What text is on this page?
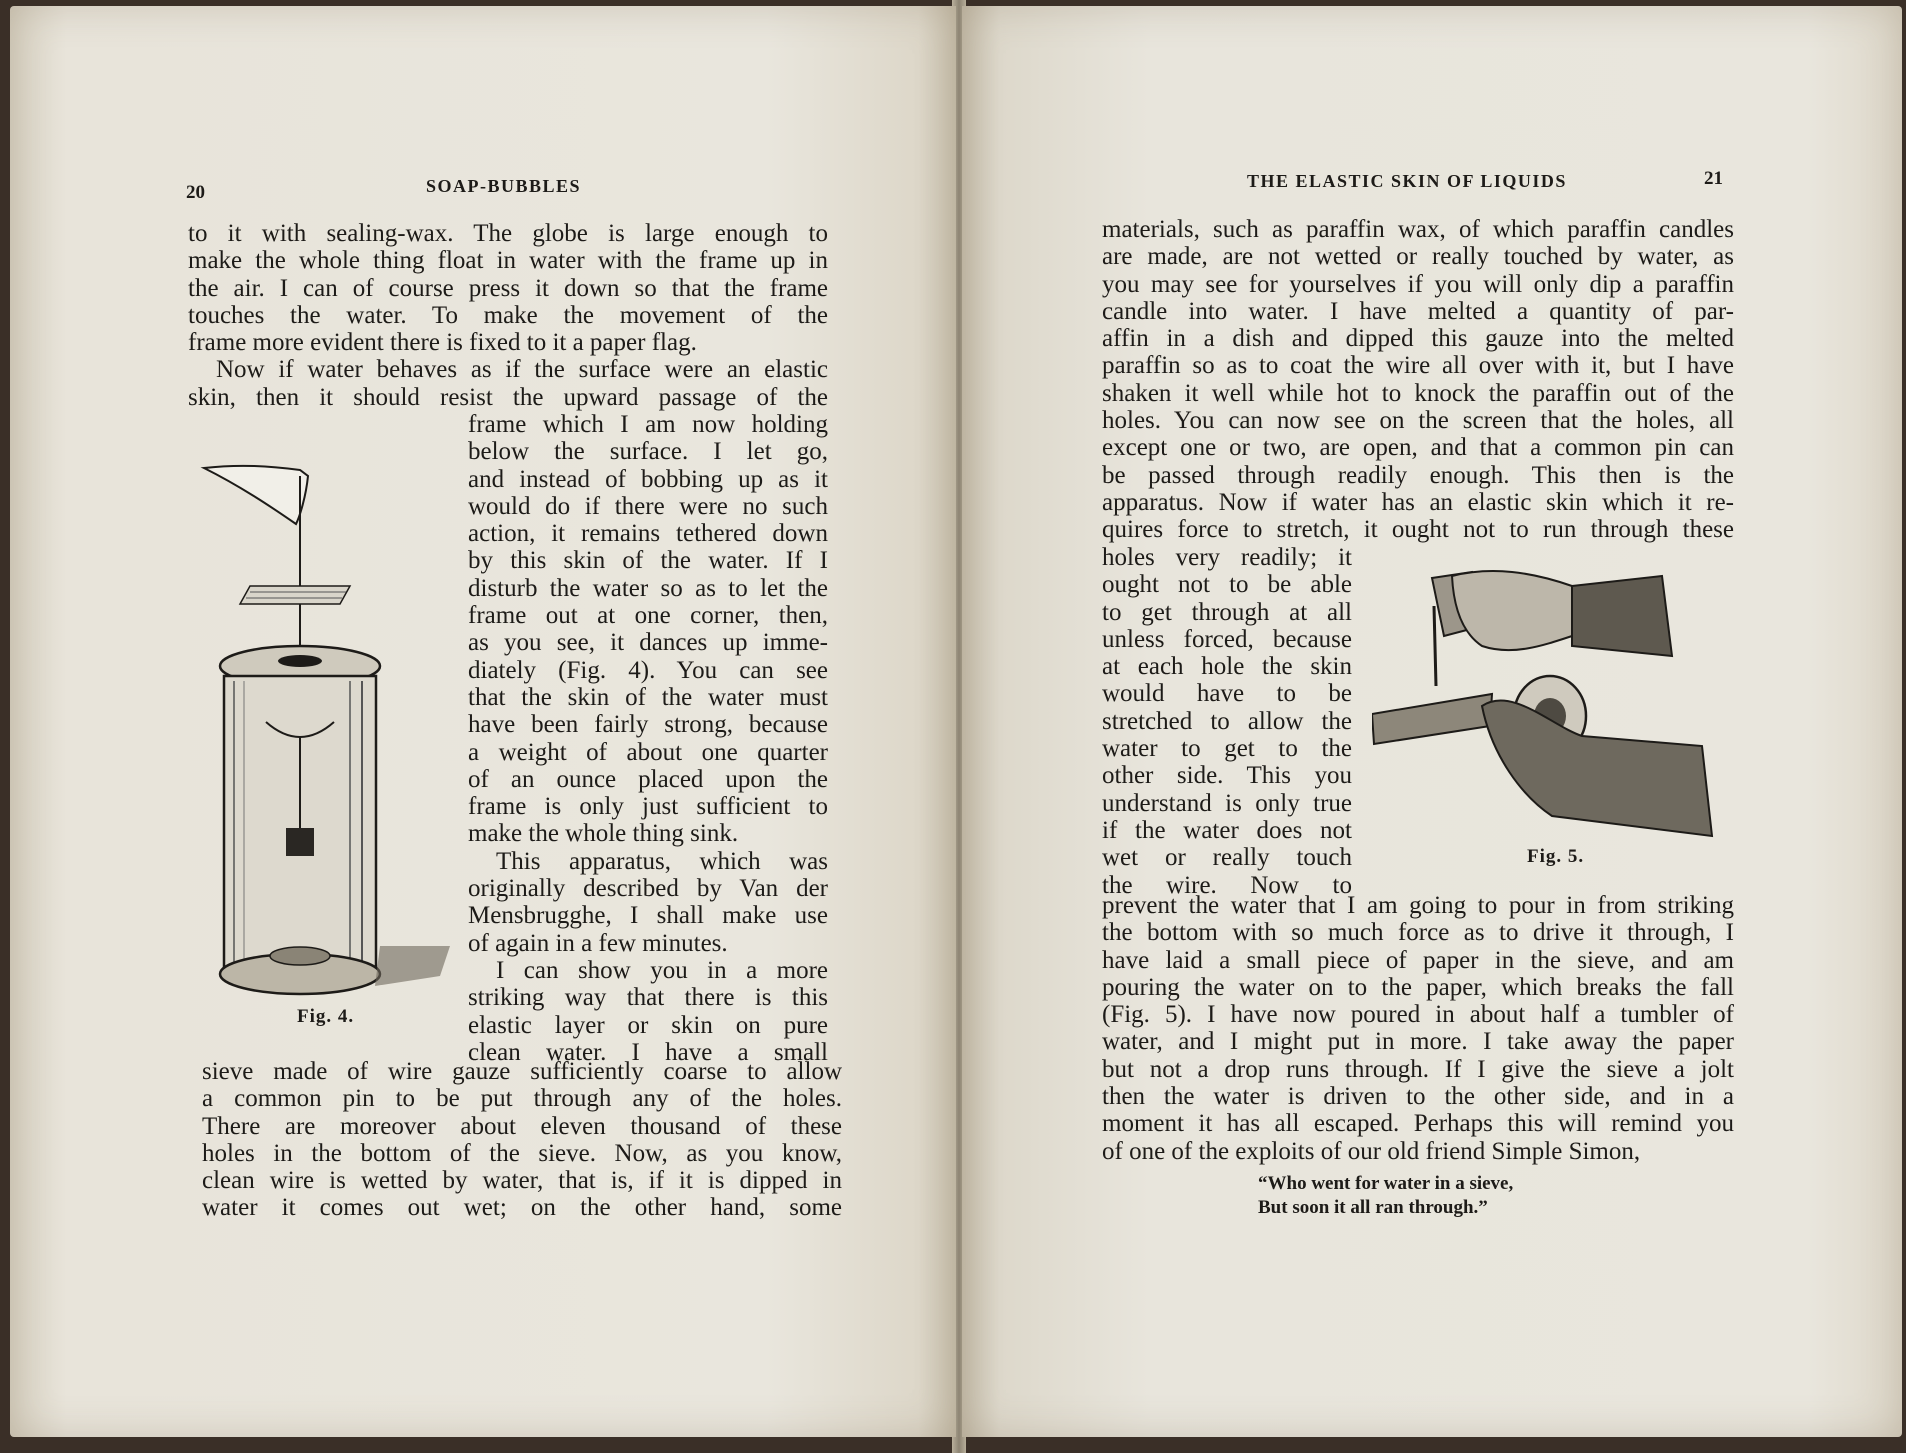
20	SOAP-BUBBLES
to it with sealing-wax. The globe is large enough to
make the whole thing float in water with the frame up in
the air. I can of course press it down so that the frame
touches the water. To make the movement of the
frame more evident there is fixed to it a paper flag.
Now if water behaves as if the surface were an elastic
skin, then it should resist the upward passage of the
frame which I am now holding
below the surface. I let go,
and instead of bobbing up as it
would do if there were no such
action, it remains tethered down
by this skin of the water. If I
disturb the water so as to let the
frame out at one corner, then,
as you see, it dances up imme-
diately (Fig. 4). You can see
that the skin of the water must
have been fairly strong, because
a weight of about one quarter
of an ounce placed upon the
frame is only just sufficient to
make the whole thing sink.
This apparatus, which was
originally described by Van der
Mensbrugghe, I shall make use
of again in a few minutes.
I can show you in a more
striking way that there is this
elastic layer or skin on pure
clean water. I have a small
Fig. 4.
sieve made of wire gauze sufficiently coarse to allow
a common pin to be put through any of the holes.
There are moreover about eleven thousand of these
holes in the bottom of the sieve. Now, as you know,
clean wire is wetted by water, that is, if it is dipped in
water it comes out wet; on the other hand, some
THE ELASTIC SKIN OF LIQUIDS	21
materials, such as paraffin wax, of which paraffin candles
are made, are not wetted or really touched by water, as
you may see for yourselves if you will only dip a paraffin
candle into water. I have melted a quantity of par-
affin in a dish and dipped this gauze into the melted
paraffin so as to coat the wire all over with it, but I have
shaken it well while hot to knock the paraffin out of the
holes. You can now see on the screen that the holes, all
except one or two, are open, and that a common pin can
be passed through readily enough. This then is the
apparatus. Now if water has an elastic skin which it re-
quires force to stretch, it ought not to run through these
holes very readily; it
ought not to be able
to get through at all
unless forced, because
at each hole the skin
would have to be
stretched to allow the
water to get to the
other side. This you
understand is only true
if the water does not
wet or really touch
the wire. Now to
Fig. 5.
prevent the water that I am going to pour in from striking
the bottom with so much force as to drive it through, I
have laid a small piece of paper in the sieve, and am
pouring the water on to the paper, which breaks the fall
(Fig. 5). I have now poured in about half a tumbler of
water, and I might put in more. I take away the paper
but not a drop runs through. If I give the sieve a jolt
then the water is driven to the other side, and in a
moment it has all escaped. Perhaps this will remind you
of one of the exploits of our old friend Simple Simon,
“Who went for water in a sieve,
But soon it all ran through.”
